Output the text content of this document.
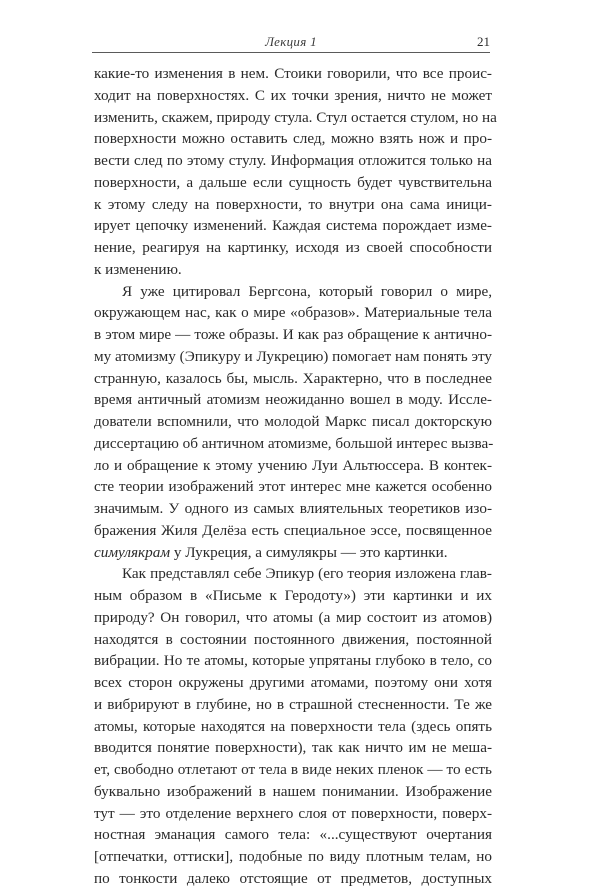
Лекция 1	21
какие-то изменения в нем. Стоики говорили, что все проис-
ходит на поверхностях. С их точки зрения, ничто не может
изменить, скажем, природу стула. Стул остается стулом, но на
поверхности можно оставить след, можно взять нож и про-
вести след по этому стулу. Информация отложится только на
поверхности, а дальше если сущность будет чувствительна
к этому следу на поверхности, то внутри она сама иници-
ирует цепочку изменений. Каждая система порождает изме-
нение, реагируя на картинку, исходя из своей способности
к изменению.
Я уже цитировал Бергсона, который говорил о мире,
окружающем нас, как о мире «образов». Материальные тела
в этом мире — тоже образы. И как раз обращение к антично-
му атомизму (Эпикуру и Лукрецию) помогает нам понять эту
странную, казалось бы, мысль. Характерно, что в последнее
время античный атомизм неожиданно вошел в моду. Иссле-
дователи вспомнили, что молодой Маркс писал докторскую
диссертацию об античном атомизме, большой интерес вызва-
ло и обращение к этому учению Луи Альтюссера. В контек-
сте теории изображений этот интерес мне кажется особенно
значимым. У одного из самых влиятельных теоретиков изо-
бражения Жиля Делёза есть специальное эссе, посвященное
симулякрам у Лукреция, а симулякры — это картинки.
Как представлял себе Эпикур (его теория изложена глав-
ным образом в «Письме к Геродоту») эти картинки и их
природу? Он говорил, что атомы (а мир состоит из атомов)
находятся в состоянии постоянного движения, постоянной
вибрации. Но те атомы, которые упрятаны глубоко в тело, со
всех сторон окружены другими атомами, поэтому они хотя
и вибрируют в глубине, но в страшной стесненности. Те же
атомы, которые находятся на поверхности тела (здесь опять
вводится понятие поверхности), так как ничто им не меша-
ет, свободно отлетают от тела в виде неких пленок — то есть
буквально изображений в нашем понимании. Изображение
тут — это отделение верхнего слоя от поверхности, поверх-
ностная эманация самого тела: «...существуют очертания
[отпечатки, оттиски], подобные по виду плотным телам, но
по тонкости далеко отстоящие от предметов, доступных
